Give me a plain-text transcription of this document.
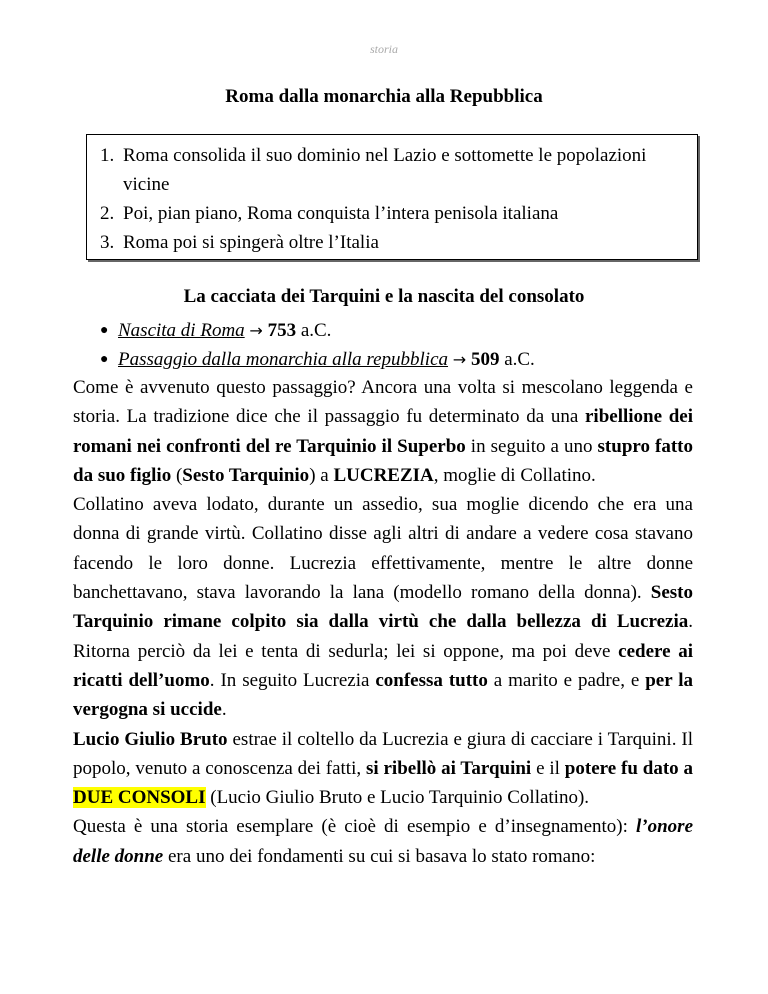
storia
Roma dalla monarchia alla Repubblica
1. Roma consolida il suo dominio nel Lazio e sottomette le popolazioni vicine
2. Poi, pian piano, Roma conquista l’intera penisola italiana
3. Roma poi si spingerà oltre l’Italia
La cacciata dei Tarquini e la nascita del consolato
● Nascita di Roma → 753 a.C.
● Passaggio dalla monarchia alla repubblica → 509 a.C.

Come è avvenuto questo passaggio? Ancora una volta si mescolano leggenda e storia. La tradizione dice che il passaggio fu determinato da una ribellione dei romani nei confronti del re Tarquinio il Superbo in seguito a uno stupro fatto da suo figlio (Sesto Tarquinio) a LUCREZIA, moglie di Collatino.

Collatino aveva lodato, durante un assedio, sua moglie dicendo che era una donna di grande virtù. Collatino disse agli altri di andare a vedere cosa stavano facendo le loro donne. Lucrezia effettivamente, mentre le altre donne banchettavano, stava lavorando la lana (modello romano della donna). Sesto Tarquinio rimane colpito sia dalla virtù che dalla bellezza di Lucrezia. Ritorna perciò da lei e tenta di sedurla; lei si oppone, ma poi deve cedere ai ricatti dell’uomo. In seguito Lucrezia confessa tutto a marito e padre, e per la vergogna si uccide.

Lucio Giulio Bruto estrae il coltello da Lucrezia e giura di cacciare i Tarquini. Il popolo, venuto a conoscenza dei fatti, si ribellò ai Tarquini e il potere fu dato a DUE CONSOLI (Lucio Giulio Bruto e Lucio Tarquinio Collatino).

Questa è una storia esemplare (è cioè di esempio e d’insegnamento): l’onore delle donne era uno dei fondamenti su cui si basava lo stato romano:
